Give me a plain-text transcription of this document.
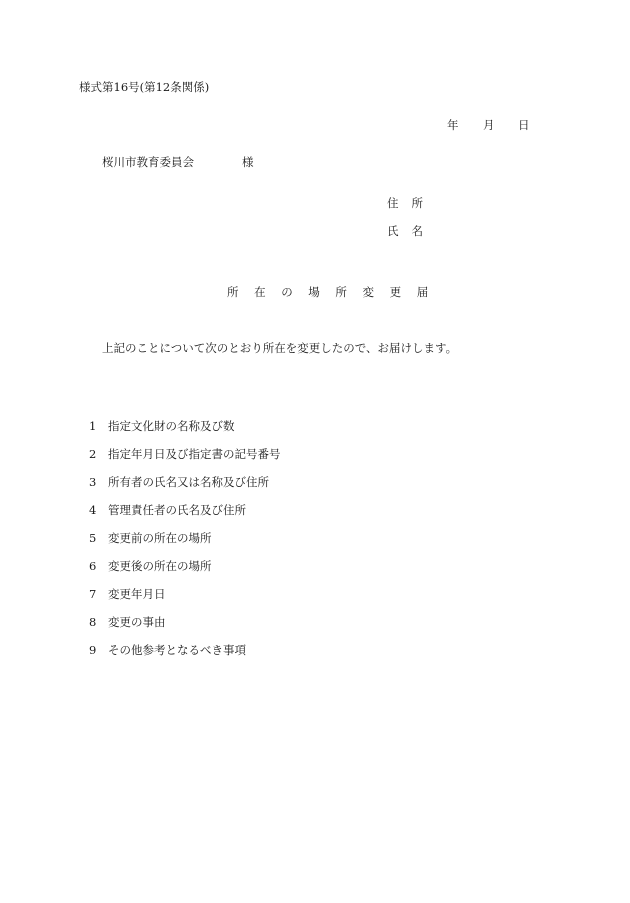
様式第16号(第12条関係)
年 月 日
桜川市教育委員会	様
住所
氏名
所在の場所変更届
上記のことについて次のとおり所在を変更したので、お届けします。
1	指定文化財の名称及び数
2	指定年月日及び指定書の記号番号
3	所有者の氏名又は名称及び住所
4	管理責任者の氏名及び住所
5	変更前の所在の場所
6	変更後の所在の場所
7	変更年月日
8	変更の事由
9	その他参考となるべき事項
